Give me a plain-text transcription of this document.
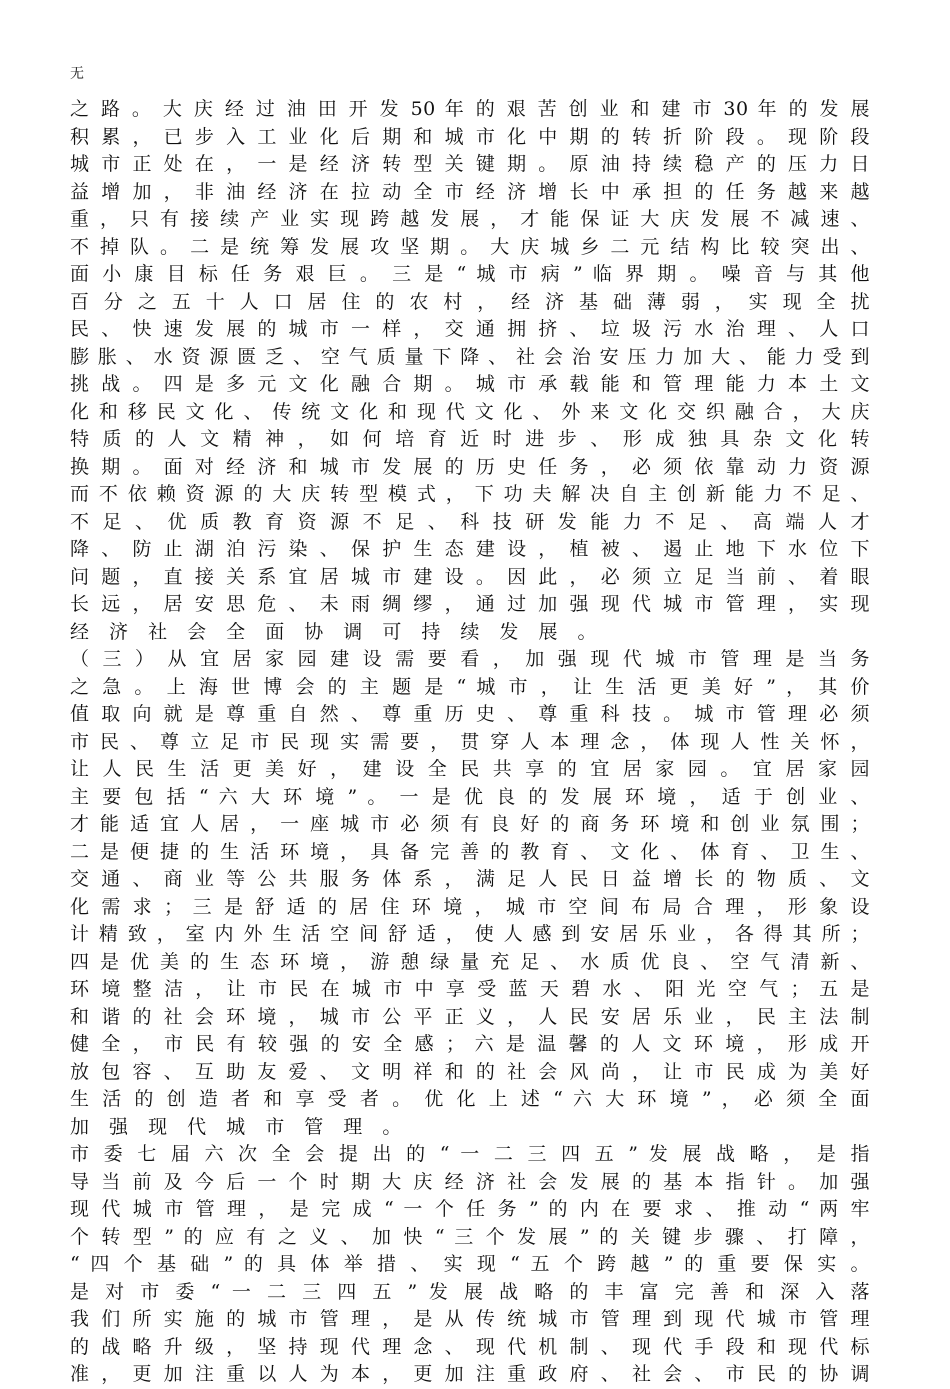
无
之 路 。 大 庆 经 过 油 田 开 发 50 年 的 艰 苦 创 业 和 建 市 30 年 的 发 展
积 累 ， 已 步 入 工 业 化 后 期 和 城 市 化 中 期 的 转 折 阶 段 。 现 阶 段
城 市 正 处 在 ， 一 是 经 济 转 型 关 键 期 。 原 油 持 续 稳 产 的 压 力 日
益 增 加 ， 非 油 经 济 在 拉 动 全 市 经 济 增 长 中 承 担 的 任 务 越 来 越
重 ， 只 有 接 续 产 业 实 现 跨 越 发 展 ， 才 能 保 证 大 庆 发 展 不 减 速 、
不 掉 队 。 二 是 统 筹 发 展 攻 坚 期 。 大 庆 城 乡 二 元 结 构 比 较 突 出 、
面 小 康 目 标 任 务 艰 巨 。 三 是 “ 城 市 病 ” 临 界 期 。 噪 音 与 其 他
百 分 之 五 十 人 口 居 住 的 农 村 ， 经 济 基 础 薄 弱 ， 实 现 全 扰
民 、 快 速 发 展 的 城 市 一 样 ， 交 通 拥 挤 、 垃 圾 污 水 治 理 、 人 口
膨 胀 、 水 资 源 匮 乏 、 空 气 质 量 下 降 、 社 会 治 安 压 力 加 大 、 能 力 受 到
挑 战 。 四 是 多 元 文 化 融 合 期 。 城 市 承 载 能 和 管 理 能 力 本 土 文
化 和 移 民 文 化 、 传 统 文 化 和 现 代 文 化 、 外 来 文 化 交 织 融 合 ， 大 庆
特 质 的 人 文 精 神 ， 如 何 培 育 近 时 进 步 、 形 成 独 具 杂 文 化 转
换 期 。 面 对 经 济 和 城 市 发 展 的 历 史 任 务 ， 必 须 依 靠 动 力 资 源
而 不 依 赖 资 源 的 大 庆 转 型 模 式 ， 下 功 夫 解 决 自 主 创 新 能 力 不 足 、
不 足 、 优 质 教 育 资 源 不 足 、 科 技 研 发 能 力 不 足 、 高 端 人 才
降 、 防 止 湖 泊 污 染 、 保 护 生 态 建 设 ， 植 被 、 遏 止 地 下 水 位 下
问 题 ， 直 接 关 系 宜 居 城 市 建 设 。 因 此 ， 必 须 立 足 当 前 、 着 眼
长 远 ， 居 安 思 危 、 未 雨 绸 缪 ， 通 过 加 强 现 代 城 市 管 理 ， 实 现
经 济 社 会 全 面 协 调 可 持 续 发 展 。
（ 三 ） 从 宜 居 家 园 建 设 需 要 看 ， 加 强 现 代 城 市 管 理 是 当 务
之 急 。 上 海 世 博 会 的 主 题 是 “ 城 市 ， 让 生 活 更 美 好 ” ， 其 价
值 取 向 就 是 尊 重 自 然 、 尊 重 历 史 、 尊 重 科 技 。 城 市 管 理 必 须
市 民 、 尊 立 足 市 民 现 实 需 要 ， 贯 穿 人 本 理 念 ， 体 现 人 性 关 怀 ，
让 人 民 生 活 更 美 好 ， 建 设 全 民 共 享 的 宜 居 家 园 。 宜 居 家 园
主 要 包 括 “ 六 大 环 境 ” 。 一 是 优 良 的 发 展 环 境 ， 适 于 创 业 、
才 能 适 宜 人 居 ， 一 座 城 市 必 须 有 良 好 的 商 务 环 境 和 创 业 氛 围 ；
二 是 便 捷 的 生 活 环 境 ， 具 备 完 善 的 教 育 、 文 化 、 体 育 、 卫 生 、
交 通 、 商 业 等 公 共 服 务 体 系 ， 满 足 人 民 日 益 增 长 的 物 质 、 文
化 需 求 ； 三 是 舒 适 的 居 住 环 境 ， 城 市 空 间 布 局 合 理 ， 形 象 设
计 精 致 ， 室 内 外 生 活 空 间 舒 适 ， 使 人 感 到 安 居 乐 业 ， 各 得 其 所 ；
四 是 优 美 的 生 态 环 境 ， 游 憩 绿 量 充 足 、 水 质 优 良 、 空 气 清 新 、
环 境 整 洁 ， 让 市 民 在 城 市 中 享 受 蓝 天 碧 水 、 阳 光 空 气 ； 五 是
和 谐 的 社 会 环 境 ， 城 市 公 平 正 义 ， 人 民 安 居 乐 业 ， 民 主 法 制
健 全 ， 市 民 有 较 强 的 安 全 感 ； 六 是 温 馨 的 人 文 环 境 ， 形 成 开
放 包 容 、 互 助 友 爱 、 文 明 祥 和 的 社 会 风 尚 ， 让 市 民 成 为 美 好
生 活 的 创 造 者 和 享 受 者 。 优 化 上 述 “ 六 大 环 境 ” ， 必 须 全 面
加 强 现 代 城 市 管 理 。
市 委 七 届 六 次 全 会 提 出 的 “ 一 二 三 四 五 ” 发 展 战 略 ， 是 指
导 当 前 及 今 后 一 个 时 期 大 庆 经 济 社 会 发 展 的 基 本 指 针 。 加 强
现 代 城 市 管 理 ， 是 完 成 “ 一 个 任 务 ” 的 内 在 要 求 、 推 动 “ 两 牢
个 转 型 ” 的 应 有 之 义 、 加 快 “ 三 个 发 展 ” 的 关 键 步 骤 、 打 障 ，
“ 四 个 基 础 ” 的 具 体 举 措 、 实 现 “ 五 个 跨 越 ” 的 重 要 保 实 。
是 对 市 委 “ 一 二 三 四 五 ” 发 展 战 略 的 丰 富 完 善 和 深 入 落
我 们 所 实 施 的 城 市 管 理 ， 是 从 传 统 城 市 管 理 到 现 代 城 市 管 理
的 战 略 升 级 ， 坚 持 现 代 理 念 、 现 代 机 制 、 现 代 手 段 和 现 代 标
准 ， 更 加 注 重 以 人 为 本 ， 更 加 注 重 政 府 、 社 会 、 市 民 的 协 调
